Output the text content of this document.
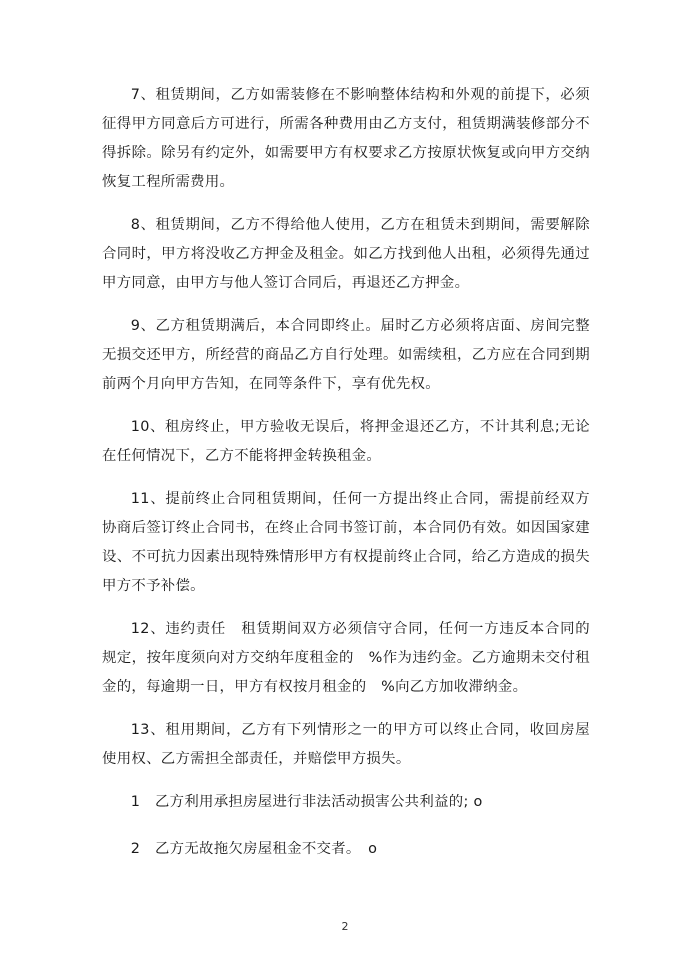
7、租赁期间，乙方如需装修在不影响整体结构和外观的前提下，必须征得甲方同意后方可进行，所需各种费用由乙方支付，租赁期满装修部分不得拆除。除另有约定外，如需要甲方有权要求乙方按原状恢复或向甲方交纳恢复工程所需费用。

8、租赁期间，乙方不得给他人使用，乙方在租赁未到期间，需要解除合同时，甲方将没收乙方押金及租金。如乙方找到他人出租，必须得先通过甲方同意，由甲方与他人签订合同后，再退还乙方押金。

9、乙方租赁期满后，本合同即终止。届时乙方必须将店面、房间完整无损交还甲方，所经营的商品乙方自行处理。如需续租，乙方应在合同到期前两个月向甲方告知，在同等条件下，享有优先权。

10、租房终止，甲方验收无误后，将押金退还乙方，不计其利息;无论在任何情况下，乙方不能将押金转换租金。

11、提前终止合同租赁期间，任何一方提出终止合同，需提前经双方协商后签订终止合同书，在终止合同书签订前，本合同仍有效。如因国家建设、不可抗力因素出现特殊情形甲方有权提前终止合同，给乙方造成的损失甲方不予补偿。

12、违约责任　租赁期间双方必须信守合同，任何一方违反本合同的规定，按年度须向对方交纳年度租金的　%作为违约金。乙方逾期未交付租金的，每逾期一日，甲方有权按月租金的　%向乙方加收滞纳金。

13、租用期间，乙方有下列情形之一的甲方可以终止合同，收回房屋使用权、乙方需担全部责任，并赔偿甲方损失。

1　乙方利用承担房屋进行非法活动损害公共利益的; o

2　乙方无故拖欠房屋租金不交者。　o

2
